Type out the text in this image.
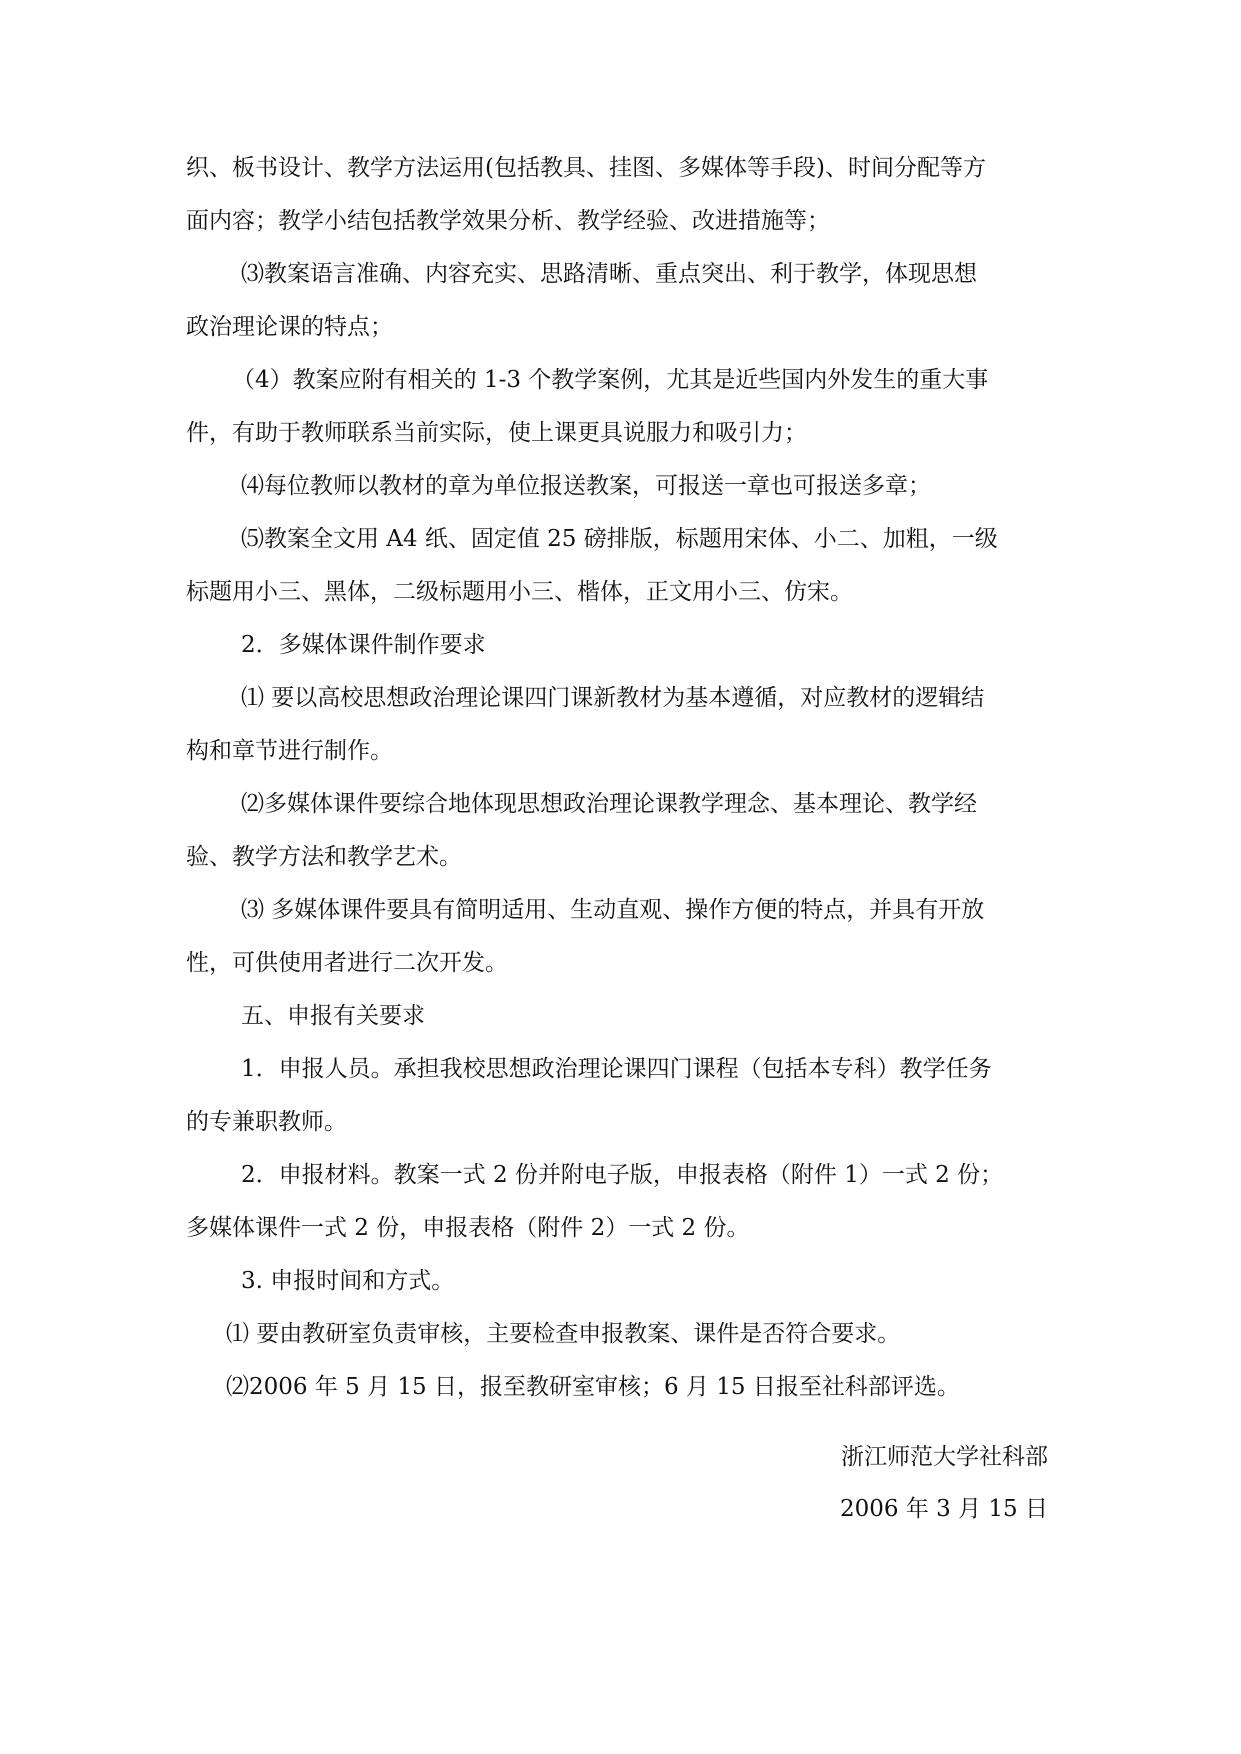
织、板书设计、教学方法运用(包括教具、挂图、多媒体等手段)、时间分配等方
面内容；教学小结包括教学效果分析、教学经验、改进措施等；
⑶教案语言准确、内容充实、思路清晰、重点突出、利于教学，体现思想
政治理论课的特点；
（4）教案应附有相关的 1-3 个教学案例，尤其是近些国内外发生的重大事
件，有助于教师联系当前实际，使上课更具说服力和吸引力；
⑷每位教师以教材的章为单位报送教案，可报送一章也可报送多章；
⑸教案全文用 A4 纸、固定值 25 磅排版，标题用宋体、小二、加粗，一级
标题用小三、黑体，二级标题用小三、楷体，正文用小三、仿宋。
2．多媒体课件制作要求
⑴ 要以高校思想政治理论课四门课新教材为基本遵循，对应教材的逻辑结
构和章节进行制作。
⑵多媒体课件要综合地体现思想政治理论课教学理念、基本理论、教学经
验、教学方法和教学艺术。
⑶ 多媒体课件要具有简明适用、生动直观、操作方便的特点，并具有开放
性，可供使用者进行二次开发。
五、申报有关要求
1．申报人员。承担我校思想政治理论课四门课程（包括本专科）教学任务
的专兼职教师。
2．申报材料。教案一式 2 份并附电子版，申报表格（附件 1）一式 2 份；
多媒体课件一式 2 份，申报表格（附件 2）一式 2 份。
3. 申报时间和方式。
⑴ 要由教研室负责审核，主要检查申报教案、课件是否符合要求。
⑵2006 年 5 月 15 日，报至教研室审核；6 月 15 日报至社科部评选。
浙江师范大学社科部
2006 年 3 月 15 日
